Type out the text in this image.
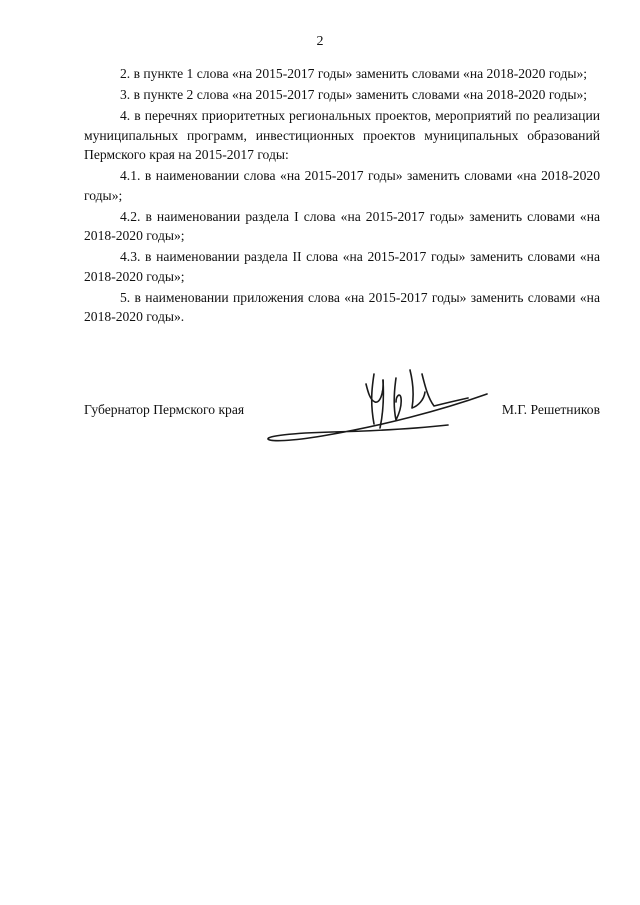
2

2. в пункте 1 слова «на 2015-2017 годы» заменить словами «на 2018-2020 годы»;

3. в пункте 2 слова «на 2015-2017 годы» заменить словами «на 2018-2020 годы»;

4. в перечнях приоритетных региональных проектов, мероприятий по реализации муниципальных программ, инвестиционных проектов муниципальных образований Пермского края на 2015-2017 годы:

4.1. в наименовании слова «на 2015-2017 годы» заменить словами «на 2018-2020 годы»;

4.2. в наименовании раздела I слова «на 2015-2017 годы» заменить словами «на 2018-2020 годы»;

4.3. в наименовании раздела II слова «на 2015-2017 годы» заменить словами «на 2018-2020 годы»;

5. в наименовании приложения слова «на 2015-2017 годы» заменить словами «на 2018-2020 годы».

Губернатор Пермского края	М.Г. Решетников
